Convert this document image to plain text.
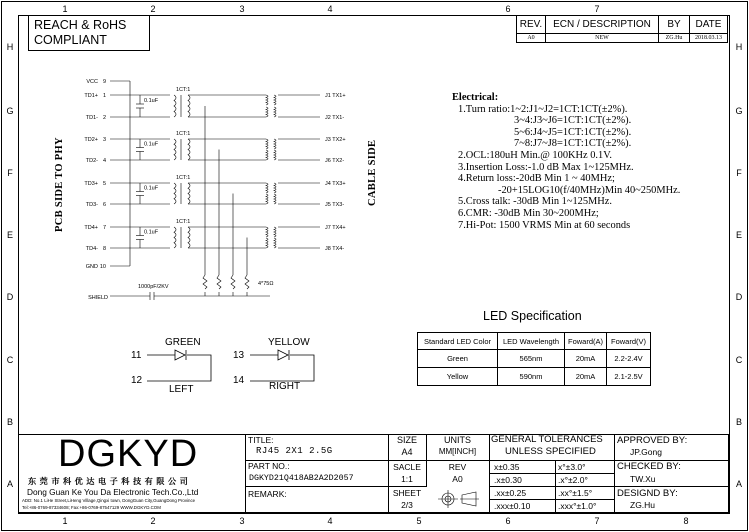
1	2	3	4	6	7
1	2	3	4	5	6	7	8
H
G
F
E
D
C
B
A
H
G
F
E
D
C
B
A
REACH & RoHS
COMPLIANT
REV.	ECN / DESCRIPTION	BY	DATE
A0	NEW	ZG.Hu	2018.03.13
VCC 9
TD1+ 1
TD1- 2
TD2+ 3
TD2- 4
TD3+ 5
TD3- 6
TD4+ 7
TD4- 8
GND 10
0.1uF
1CT:1
J1 TX1+
J2 TX1-
0.1uF
1CT:1
J3 TX2+
J6 TX2-
0.1uF
1CT:1
J4 TX3+
J5 TX3-
0.1uF
1CT:1
J7 TX4+
J8 TX4-
4*75Ω
SHIELD
1000pF/2KV
PCB SIDE TO PHY	CABLE SIDE
Electrical:
1.Turn ratio:1~2:J1~J2=1CT:1CT(±2%).
3~4:J3~J6=1CT:1CT(±2%).
5~6:J4~J5=1CT:1CT(±2%).
7~8:J7~J8=1CT:1CT(±2%).
2.OCL:180uH Min.@ 100KHz 0.1V.
3.Insertion Loss:-1.0 dB Max 1~125MHz.
4.Return loss:-20dB Min 1 ~ 40MHz;
-20+15LOG10(f/40MHz)Min 40~250MHz.
5.Cross talk: -30dB Min 1~125MHz.
6.CMR: -30dB Min 30~200MHz;
7.Hi-Pot: 1500 VRMS Min at 60 seconds
LED Specification
Standard LED Color	LED Wavelength	Foward(A)	Foward(V)
Green	565nm	20mA	2.2-2.4V
Yellow	590nm	20mA	2.1-2.5V
GREEN
11
12
LEFT
YELLOW
13
14
RIGHT
DGKYD
东 莞 市 科 优 达 电 子 科 技 有 限 公 司
Dong Guan Ke You Da Electronic Tech.Co.,Ltd
ADD: No.1 LiHe Street,LiHeng Village,Qingxi town, DongGuan City,GuangDong Province
Tel:+86-0769-87334608; Fax:+86-0769-87547129 WWW.DGKYD.COM
TITLE:
RJ45 2X1 2.5G
PART NO.:
DGKYD21Q418AB2A2D2057
REMARK:
SIZE
A4
UNITS
MM[INCH]
SACLE
1:1
REV
A0
SHEET
2/3
GENERAL TOLERANCES
UNLESS SPECIFIED
x±0.35	x°±3.0°
.x±0.30	.x°±2.0°
.xx±0.25	.xx°±1.5°
.xxx±0.10	.xxx°±1.0°
APPROVED BY:
JP.Gong
CHECKED BY:
TW.Xu
DESIGND BY:
ZG.Hu
